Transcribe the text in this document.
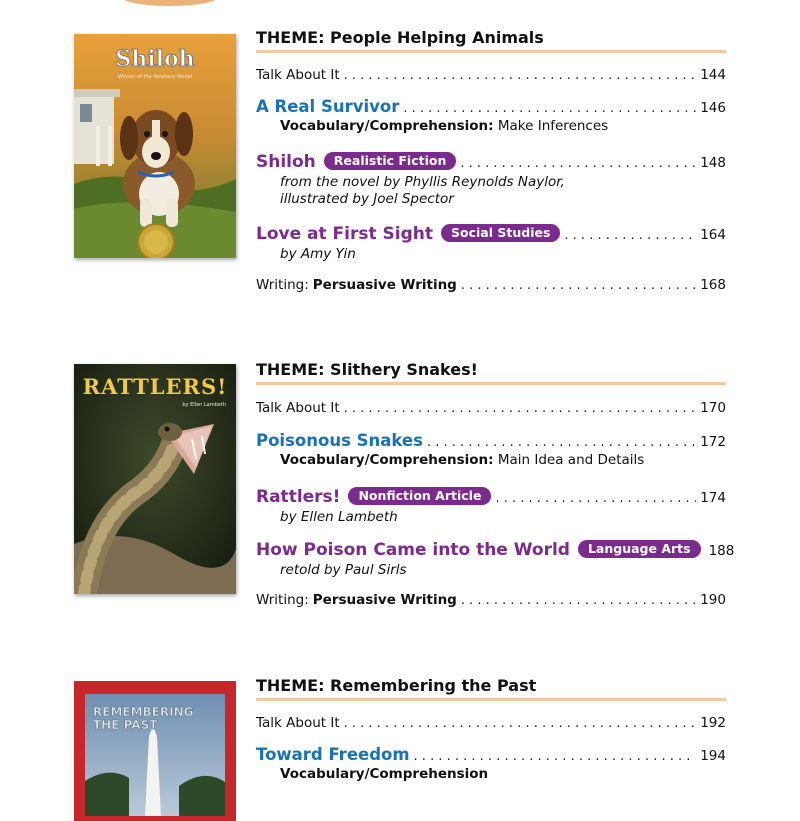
Shiloh
Winner of the Newbery Medal
THEME: People Helping Animals
Talk About It . . .	144
A Real Survivor . . .	146
Vocabulary/Comprehension: Make Inferences
Shiloh	Realistic Fiction . . .	148
from the novel by Phyllis Reynolds Naylor,
illustrated by Joel Spector
Love at First Sight	Social Studies . . .	164
by Amy Yin
Writing: Persuasive Writing . . .	168
RATTLERS!
by Ellen Lambeth
THEME: Slithery Snakes!
Talk About It . . .	170
Poisonous Snakes . . .	172
Vocabulary/Comprehension: Main Idea and Details
Rattlers!	Nonfiction Article . . .	174
by Ellen Lambeth
How Poison Came into the World	Language Arts	188
retold by Paul Sirls
Writing: Persuasive Writing . . .	190
REMEMBERING THE PAST
THEME: Remembering the Past
Talk About It . . .	192
Toward Freedom . . .	194
Vocabulary/Comprehension
